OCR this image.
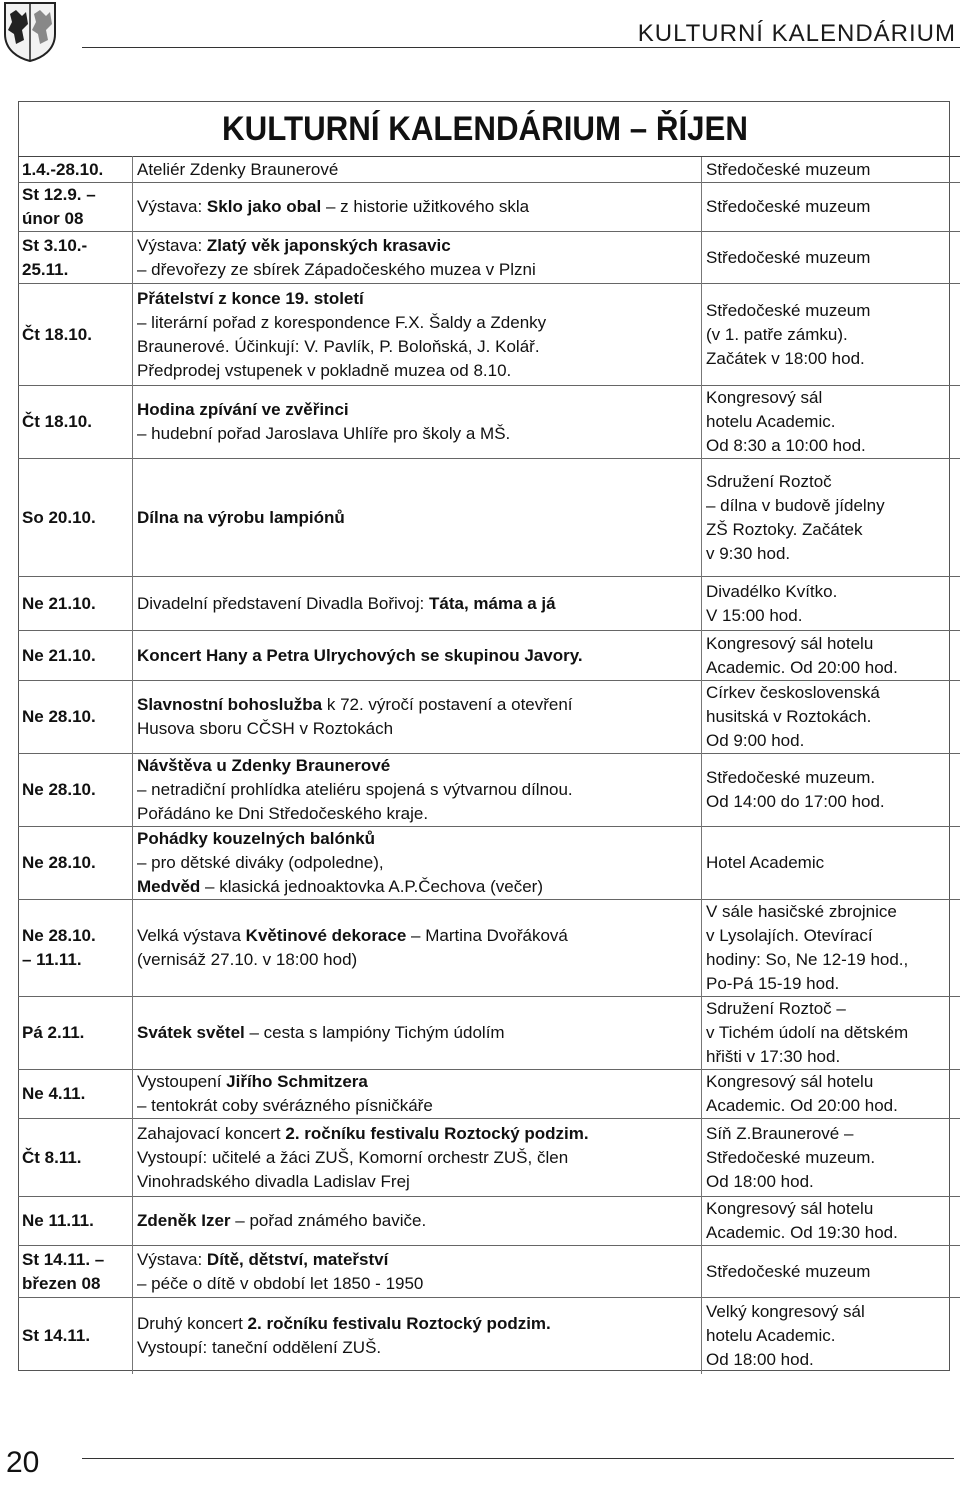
KULTURNÍ KALENDÁRIUM
KULTURNÍ KALENDÁRIUM – ŘÍJEN
1.4.-28.10.	Ateliér Zdenky Braunerové	Středočeské muzeum

St 12.9. –
únor 08	Výstava: Sklo jako obal – z historie užitkového skla	Středočeské muzeum

St 3.10.-
25.11.	Výstava: Zlatý věk japonských krasavic
– dřevořezy ze sbírek Západočeského muzea v Plzni	Středočeské muzeum

Čt 18.10.	Přátelství z konce 19. století
– literární pořad z korespondence F.X. Šaldy a Zdenky
Braunerové. Účinkují: V. Pavlík, P. Boloňská, J. Kolář.
Předprodej vstupenek v pokladně muzea od 8.10.	Středočeské muzeum
(v 1. patře zámku).
Začátek v 18:00 hod.

Čt 18.10.	Hodina zpívání ve zvěřinci
– hudební pořad Jaroslava Uhlíře pro školy a MŠ.	Kongresový sál
hotelu Academic.
Od 8:30 a 10:00 hod.

So 20.10.	Dílna na výrobu lampiónů	Sdružení Roztoč
– dílna v budově jídelny
ZŠ Roztoky. Začátek
v 9:30 hod.

Ne 21.10.	Divadelní představení Divadla Bořivoj: Táta, máma a já	Divadélko Kvítko.
V 15:00 hod.

Ne 21.10.	Koncert Hany a Petra Ulrychových se skupinou Javory.	Kongresový sál hotelu
Academic. Od 20:00 hod.

Ne 28.10.	Slavnostní bohoslužba k 72. výročí postavení a otevření
Husova sboru CČSH v Roztokách	Církev československá
husitská v Roztokách.
Od 9:00 hod.

Ne 28.10.	Návštěva u Zdenky Braunerové
– netradiční prohlídka ateliéru spojená s výtvarnou dílnou.
Pořádáno ke Dni Středočeského kraje.	Středočeské muzeum.
Od 14:00 do 17:00 hod.

Ne 28.10.	Pohádky kouzelných balónků
– pro dětské diváky (odpoledne),
Medvěd – klasická jednoaktovka A.P.Čechova (večer)	Hotel Academic

Ne 28.10.
– 11.11.	Velká výstava Květinové dekorace – Martina Dvořáková
(vernisáž 27.10. v 18:00 hod)	V sále hasičské zbrojnice
v Lysolajích. Otevírací
hodiny: So, Ne 12-19 hod.,
Po-Pá 15-19 hod.

Pá 2.11.	Svátek světel – cesta s lampióny Tichým údolím	Sdružení Roztoč –
v Tichém údolí na dětském
hřišti v 17:30 hod.

Ne 4.11.	Vystoupení Jiřího Schmitzera
– tentokrát coby svérázného písničkáře	Kongresový sál hotelu
Academic. Od 20:00 hod.

Čt 8.11.	Zahajovací koncert 2. ročníku festivalu Roztocký podzim.
Vystoupí: učitelé a žáci ZUŠ, Komorní orchestr ZUŠ, člen
Vinohradského divadla Ladislav Frej	Síň Z.Braunerové –
Středočeské muzeum.
Od 18:00 hod.

Ne 11.11.	Zdeněk Izer – pořad známého baviče.	Kongresový sál hotelu
Academic. Od 19:30 hod.

St 14.11. –
březen 08	Výstava: Dítě, dětství, mateřství
– péče o dítě v období let 1850 - 1950	Středočeské muzeum

St 14.11.	Druhý koncert 2. ročníku festivalu Roztocký podzim.
Vystoupí: taneční oddělení ZUŠ.	Velký kongresový sál
hotelu Academic.
Od 18:00 hod.
20
